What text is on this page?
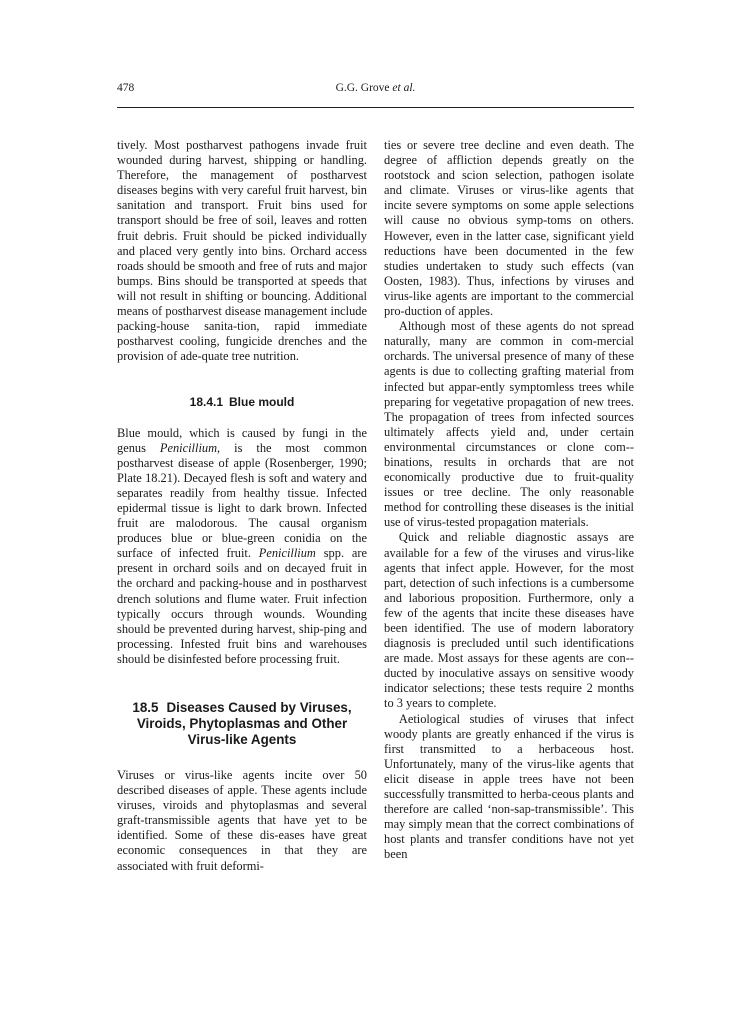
478	G.G. Grove et al.

tively. Most postharvest pathogens invade fruit wounded during harvest, shipping or handling. Therefore, the management of postharvest diseases begins with very careful fruit harvest, bin sanitation and transport. Fruit bins used for transport should be free of soil, leaves and rotten fruit debris. Fruit should be picked individually and placed very gently into bins. Orchard access roads should be smooth and free of ruts and major bumps. Bins should be transported at speeds that will not result in shifting or bouncing. Additional means of postharvest disease management include packing-house sanita-tion, rapid immediate postharvest cooling, fungicide drenches and the provision of ade-quate tree nutrition.

18.4.1 Blue mould

Blue mould, which is caused by fungi in the genus Penicillium, is the most common postharvest disease of apple (Rosenberger, 1990; Plate 18.21). Decayed flesh is soft and watery and separates readily from healthy tissue. Infected epidermal tissue is light to dark brown. Infected fruit are malodorous. The causal organism produces blue or blue-green conidia on the surface of infected fruit. Penicillium spp. are present in orchard soils and on decayed fruit in the orchard and packing-house and in postharvest drench solutions and flume water. Fruit infection typically occurs through wounds. Wounding should be prevented during harvest, ship-ping and processing. Infested fruit bins and warehouses should be disinfested before processing fruit.

18.5 Diseases Caused by Viruses, Viroids, Phytoplasmas and Other Virus-like Agents

Viruses or virus-like agents incite over 50 described diseases of apple. These agents include viruses, viroids and phytoplasmas and several graft-transmissible agents that have yet to be identified. Some of these dis-eases have great economic consequences in that they are associated with fruit deformi-

ties or severe tree decline and even death. The degree of affliction depends greatly on the rootstock and scion selection, pathogen isolate and climate. Viruses or virus-like agents that incite severe symptoms on some apple selections will cause no obvious symp-toms on others. However, even in the latter case, significant yield reductions have been documented in the few studies undertaken to study such effects (van Oosten, 1983). Thus, infections by viruses and virus-like agents are important to the commercial pro-duction of apples.

Although most of these agents do not spread naturally, many are common in com-mercial orchards. The universal presence of many of these agents is due to collecting grafting material from infected but appar-ently symptomless trees while preparing for vegetative propagation of new trees. The propagation of trees from infected sources ultimately affects yield and, under certain environmental circumstances or clone com-binations, results in orchards that are not economically productive due to fruit-quality issues or tree decline. The only reasonable method for controlling these diseases is the initial use of virus-tested propagation materials.

Quick and reliable diagnostic assays are available for a few of the viruses and virus-like agents that infect apple. However, for the most part, detection of such infections is a cumbersome and laborious proposition. Furthermore, only a few of the agents that incite these diseases have been identified. The use of modern laboratory diagnosis is precluded until such identifications are made. Most assays for these agents are con-ducted by inoculative assays on sensitive woody indicator selections; these tests require 2 months to 3 years to complete.

Aetiological studies of viruses that infect woody plants are greatly enhanced if the virus is first transmitted to a herbaceous host. Unfortunately, many of the virus-like agents that elicit disease in apple trees have not been successfully transmitted to herba-ceous plants and therefore are called ‘non-sap-transmissible’. This may simply mean that the correct combinations of host plants and transfer conditions have not yet been
